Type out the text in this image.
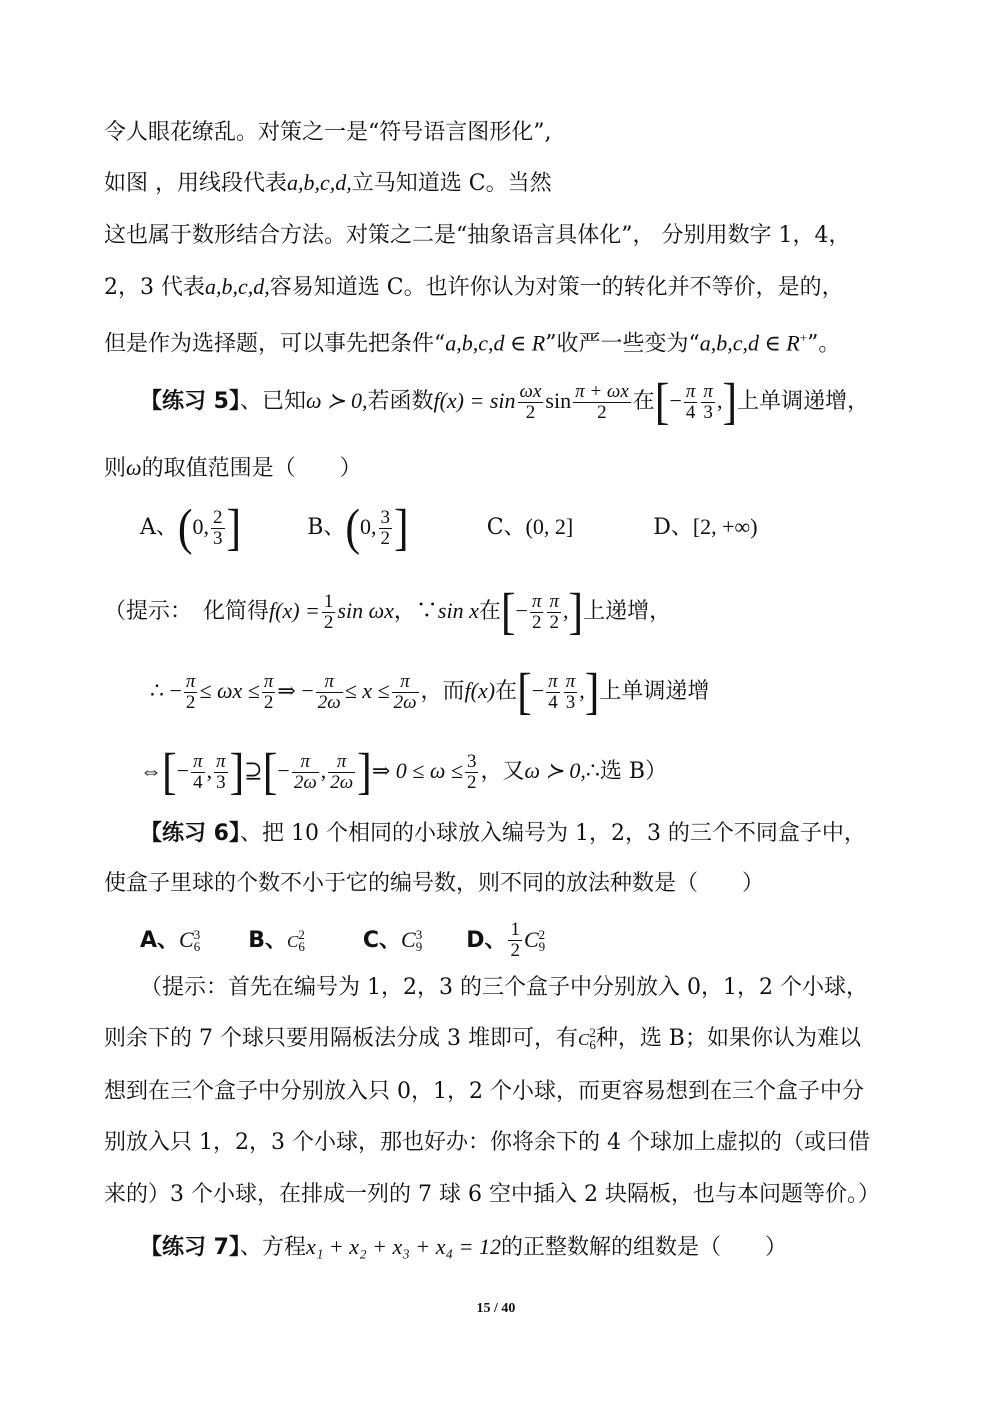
令人眼花缭乱。对策之一是“符号语言图形化”,
如图 ，用线段代表a,b,c,d,立马知道选 C。当然
这也属于数形结合方法。对策之二是“抽象语言具体化”， 分别用数字 1，4，
2，3 代表a,b,c,d,容易知道选 C。也许你认为对策一的转化并不等价，是的，
但是作为选择题，可以事先把条件“a,b,c,d ∈ R”收严一些变为“a,b,c,d ∈ R+”。
【练习 5】、已知ω ≻ 0,若函数$f(x) = \sin \frac{\omega x}{2}$ $\sin \frac{\pi + \omega x}{2}$ 在[− $\frac{\pi}{4} \frac{\pi}{3}$ ,]上单调递增，
则ω的取值范围是（　　）
A、(0, $\frac{2}{3}$ ]	B、(0, $\frac{3}{2}$ ]	C、(0, 2]	D、[2, +∞)
（提示：　化简得$f(x) = \frac{1}{2}$ sin ωx，∵sin x在[− $\frac{\pi}{2} \frac{\pi}{2}$ ,]上递增，
∴ − $\frac{\pi}{2} \le \omega x \le \frac{\pi}{2}$ ⇒ − $\frac{\pi}{2\omega} \le x \le \frac{\pi}{2\omega}$ ，而f(x)在[− $\frac{\pi}{4} \frac{\pi}{3}$ ,]上单调递增
⇔[− $\frac{\pi}{4}$ , $\frac{\pi}{3}$ ]⊇[− $\frac{\pi}{2\omega}$ , $\frac{\pi}{2\omega}$ ]⇒ $0 \le \omega \le \frac{3}{2}$ ，又ω ≻ 0,∴选 B）
【练习 6】、把 10 个相同的小球放入编号为 1，2，3 的三个不同盒子中，
使盒子里球的个数不小于它的编号数，则不同的放法种数是（　　）
A、C 3
6 B、C 2
6	C、C 3
9 D、 $\frac{1}{2}$ C 2
9
（提示：首先在编号为 1，2，3 的三个盒子中分别放入 0，1，2 个小球，
则余下的 7 个球只要用隔板法分成 3 堆即可，有C 2
6 种，选 B；如果你认为难以
想到在三个盒子中分别放入只 0，1，2 个小球，而更容易想到在三个盒子中分
别放入只 1，2，3 个小球，那也好办：你将余下的 4 个球加上虚拟的（或曰借
来的）3 个小球，在排成一列的 7 球 6 空中插入 2 块隔板，也与本问题等价。）
【练习 7】、方程x₁ + x₂ + x₃ + x₄ = 12的正整数解的组数是（　　）
15 / 40
